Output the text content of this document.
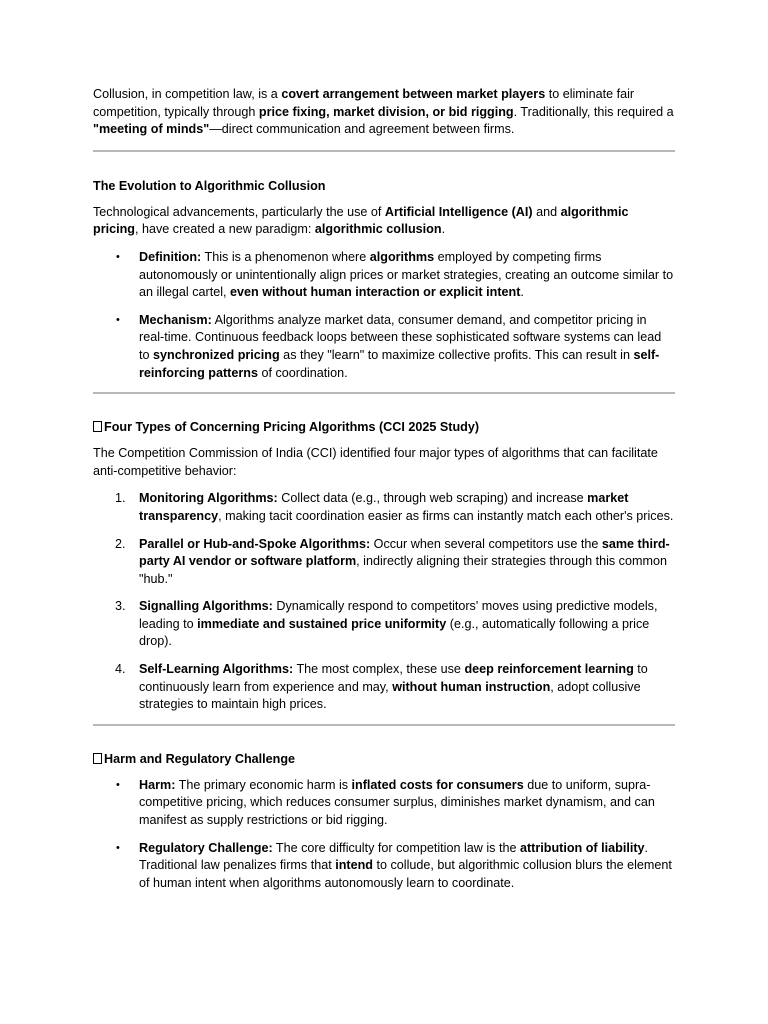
Collusion, in competition law, is a covert arrangement between market players to eliminate fair competition, typically through price fixing, market division, or bid rigging. Traditionally, this required a "meeting of minds"—direct communication and agreement between firms.

The Evolution to Algorithmic Collusion

Technological advancements, particularly the use of Artificial Intelligence (AI) and algorithmic pricing, have created a new paradigm: algorithmic collusion.

• Definition: This is a phenomenon where algorithms employed by competing firms autonomously or unintentionally align prices or market strategies, creating an outcome similar to an illegal cartel, even without human interaction or explicit intent.
• Mechanism: Algorithms analyze market data, consumer demand, and competitor pricing in real-time. Continuous feedback loops between these sophisticated software systems can lead to synchronized pricing as they "learn" to maximize collective profits. This can result in self-reinforcing patterns of coordination.
Four Types of Concerning Pricing Algorithms (CCI 2025 Study)

The Competition Commission of India (CCI) identified four major types of algorithms that can facilitate anti-competitive behavior:

1. Monitoring Algorithms: Collect data (e.g., through web scraping) and increase market transparency, making tacit coordination easier as firms can instantly match each other's prices.
2. Parallel or Hub-and-Spoke Algorithms: Occur when several competitors use the same third-party AI vendor or software platform, indirectly aligning their strategies through this common "hub."
3. Signalling Algorithms: Dynamically respond to competitors' moves using predictive models, leading to immediate and sustained price uniformity (e.g., automatically following a price drop).
4. Self-Learning Algorithms: The most complex, these use deep reinforcement learning to continuously learn from experience and may, without human instruction, adopt collusive strategies to maintain high prices.
Harm and Regulatory Challenge
• Harm: The primary economic harm is inflated costs for consumers due to uniform, supra-competitive pricing, which reduces consumer surplus, diminishes market dynamism, and can manifest as supply restrictions or bid rigging.
• Regulatory Challenge: The core difficulty for competition law is the attribution of liability. Traditional law penalizes firms that intend to collude, but algorithmic collusion blurs the element of human intent when algorithms autonomously learn to coordinate.
